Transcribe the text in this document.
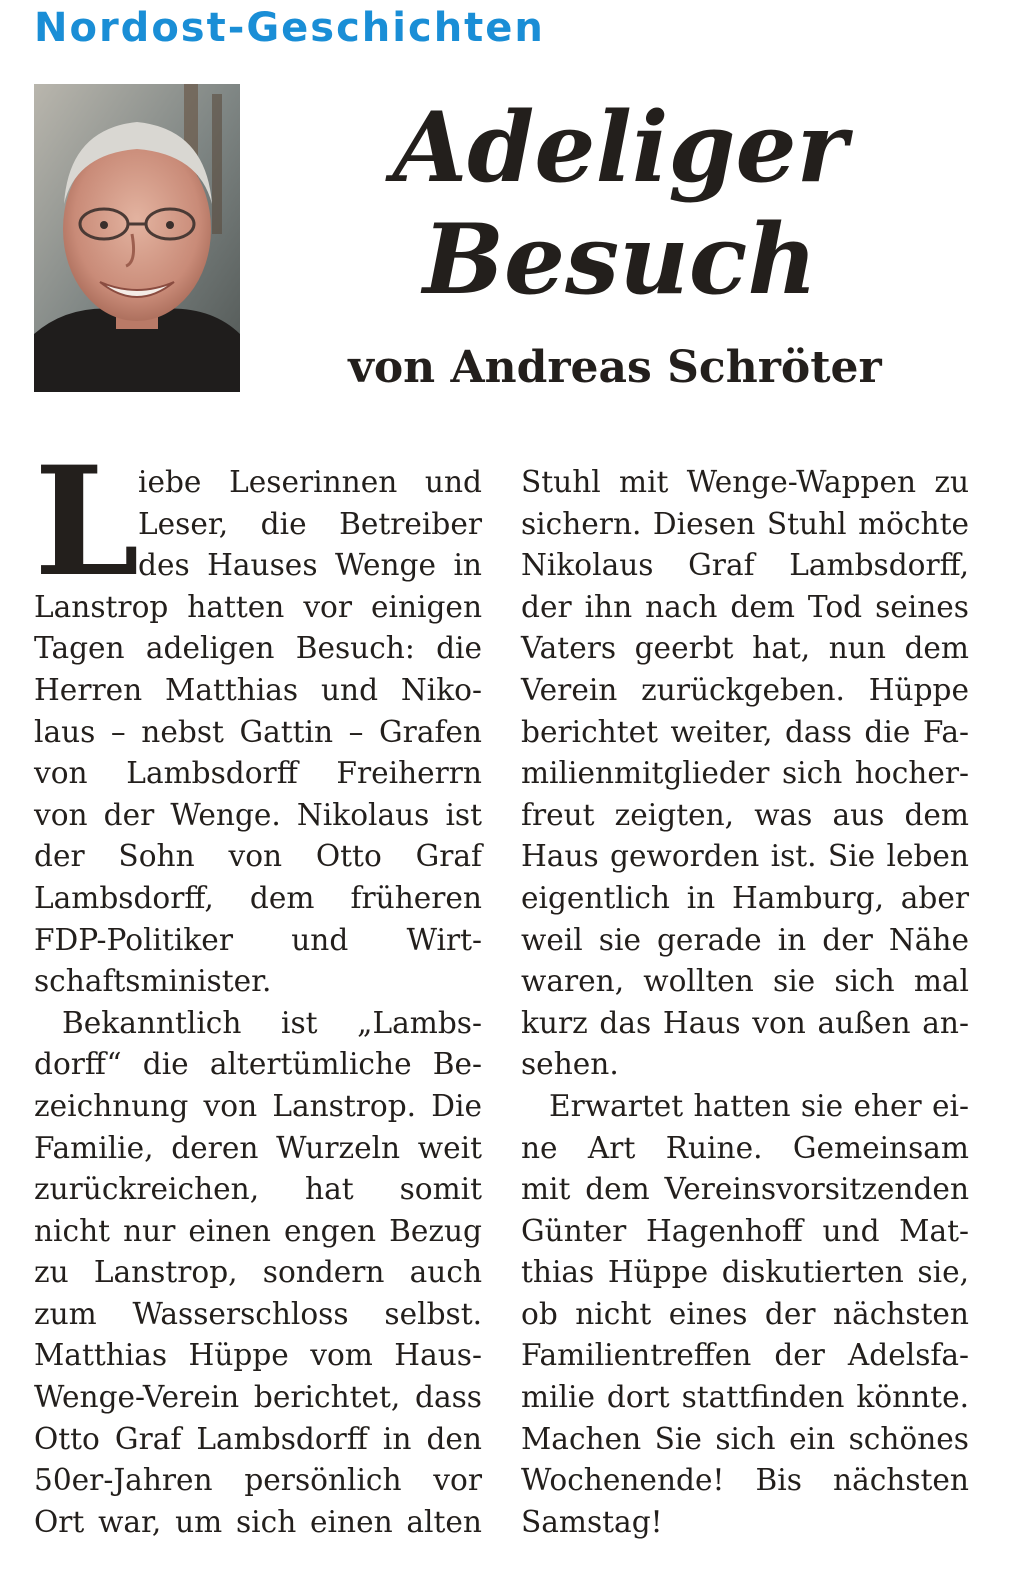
Nordost-Geschichten
Adeliger
Besuch
von Andreas Schröter
L
iebe Leserinnen und
Leser, die Betreiber
des Hauses Wenge in
Lanstrop hatten vor einigen
Tagen adeligen Besuch: die
Herren Matthias und Niko-
laus – nebst Gattin – Grafen
von Lambsdorff Freiherrn
von der Wenge. Nikolaus ist
der Sohn von Otto Graf
Lambsdorff, dem früheren
FDP-Politiker und Wirt-
schaftsminister.
Bekanntlich ist „Lambs-
dorff“ die altertümliche Be-
zeichnung von Lanstrop. Die
Familie, deren Wurzeln weit
zurückreichen, hat somit
nicht nur einen engen Bezug
zu Lanstrop, sondern auch
zum Wasserschloss selbst.
Matthias Hüppe vom Haus-
Wenge-Verein berichtet, dass
Otto Graf Lambsdorff in den
50er-Jahren persönlich vor
Ort war, um sich einen alten
Stuhl mit Wenge-Wappen zu
sichern. Diesen Stuhl möchte
Nikolaus Graf Lambsdorff,
der ihn nach dem Tod seines
Vaters geerbt hat, nun dem
Verein zurückgeben. Hüppe
berichtet weiter, dass die Fa-
milienmitglieder sich hocher-
freut zeigten, was aus dem
Haus geworden ist. Sie leben
eigentlich in Hamburg, aber
weil sie gerade in der Nähe
waren, wollten sie sich mal
kurz das Haus von außen an-
sehen.
Erwartet hatten sie eher ei-
ne Art Ruine. Gemeinsam
mit dem Vereinsvorsitzenden
Günter Hagenhoff und Mat-
thias Hüppe diskutierten sie,
ob nicht eines der nächsten
Familientreffen der Adelsfa-
milie dort stattfinden könnte.
Machen Sie sich ein schönes
Wochenende! Bis nächsten
Samstag!
